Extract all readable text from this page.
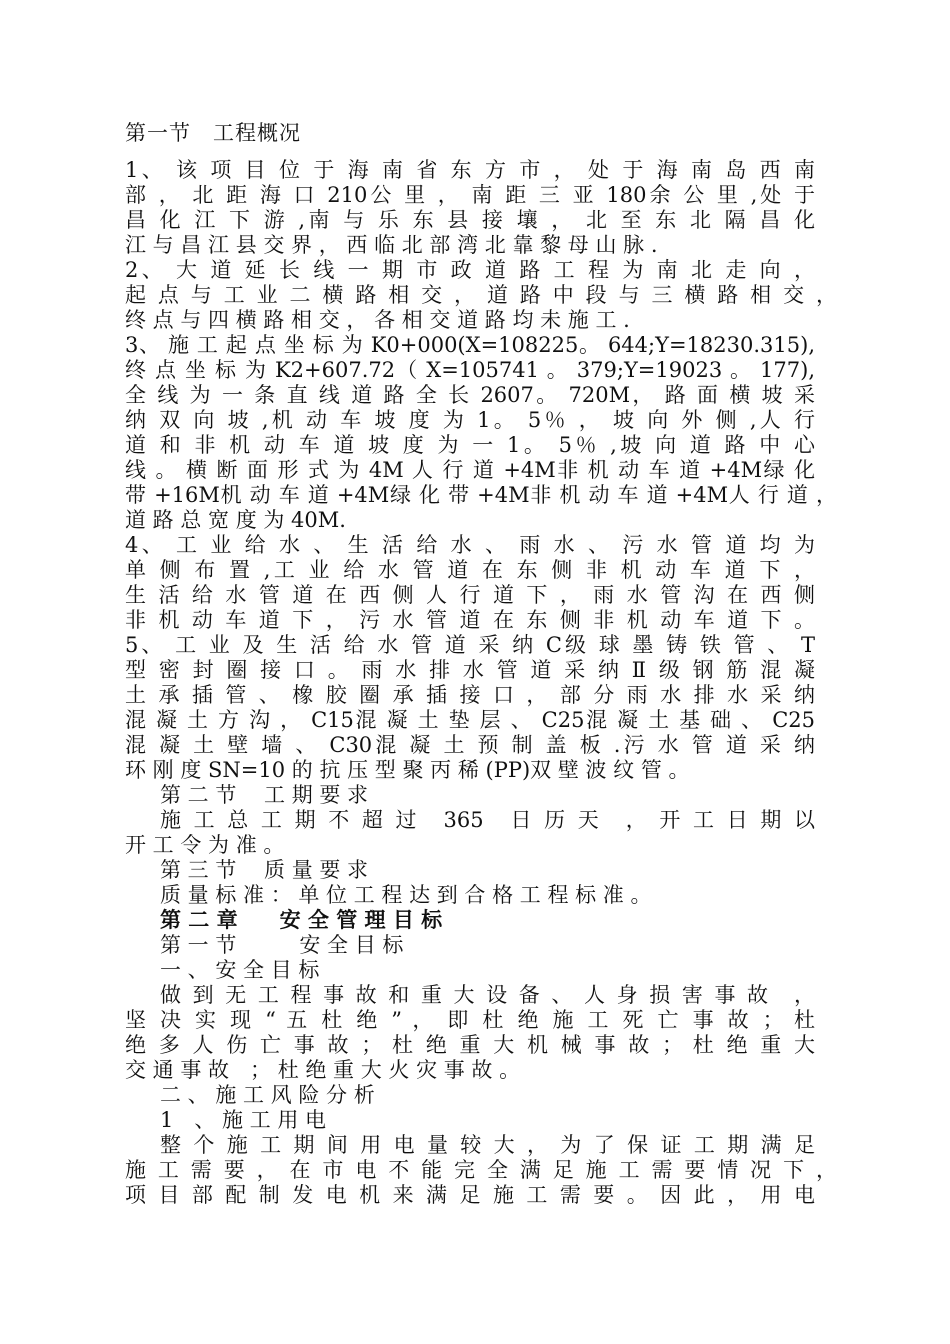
第一节　工程概况
1、 该 项 目 位 于 海 南 省 东 方 市 ， 处 于 海 南 岛 西 南
部 ， 北 距 海 口 210公 里 ， 南 距 三 亚 180余 公 里 ,处 于
昌 化 江 下 游 ,南 与 乐 东 县 接 壤 ， 北 至 东 北 隔 昌 化
江 与 昌 江 县 交 界 ， 西 临 北 部 湾 北 靠 黎 母 山 脉 .
2、 大 道 延 长 线 一 期 市 政 道 路 工 程 为 南 北 走 向 ，
起 点 与 工 业 二 横 路 相 交 ， 道 路 中 段 与 三 横 路 相 交 ，
终 点 与 四 横 路 相 交 ， 各 相 交 道 路 均 未 施 工 .
3、 施 工 起 点 坐 标 为 K0+000(X=108225。 644;Y=18230.315),
终 点 坐 标 为 K2+607.72（ X=105741 。 379;Y=19023 。 177),
全 线 为 一 条 直 线 道 路 全 长 2607。 720M， 路 面 横 坡 采
纳 双 向 坡 ,机 动 车 坡 度 为 1。 5％ ， 坡 向 外 侧 ,人 行
道 和 非 机 动 车 道 坡 度 为 一 1。 5％ ,坡 向 道 路 中 心
线 。 横 断 面 形 式 为 4M 人 行 道 +4M非 机 动 车 道 +4M绿 化
带 +16M机 动 车 道 +4M绿 化 带 +4M非 机 动 车 道 +4M人 行 道 ，
道 路 总 宽 度 为 40M.
4、 工 业 给 水 、 生 活 给 水 、 雨 水 、 污 水 管 道 均 为
单 侧 布 置 ,工 业 给 水 管 道 在 东 侧 非 机 动 车 道 下 ，
生 活 给 水 管 道 在 西 侧 人 行 道 下 ， 雨 水 管 沟 在 西 侧
非 机 动 车 道 下 ， 污 水 管 道 在 东 侧 非 机 动 车 道 下 。
5、 工 业 及 生 活 给 水 管 道 采 纳 C级 球 墨 铸 铁 管 、 T
型 密 封 圈 接 口 。 雨 水 排 水 管 道 采 纳 Ⅱ 级 钢 筋 混 凝
土 承 插 管 、 橡 胶 圈 承 插 接 口 ， 部 分 雨 水 排 水 采 纳
混 凝 土 方 沟 ， C15混 凝 土 垫 层 、 C25混 凝 土 基 础 、 C25
混 凝 土 壁 墙 、 C30混 凝 土 预 制 盖 板 .污 水 管 道 采 纳
环 刚 度 SN=10 的 抗 压 型 聚 丙 稀 (PP)双 壁 波 纹 管 。
第 二 节　 工 期 要 求
施 工 总 工 期 不 超 过　365　日 历 天　， 开 工 日 期 以
开 工 令 为 准 。
第 三 节　 质 量 要 求
质 量 标 准 ： 单 位 工 程 达 到 合 格 工 程 标 准 。
第 二 章　　安 全 管 理 目 标
第 一 节　　　安 全 目 标
一 、 安 全 目 标
做 到 无 工 程 事 故 和 重 大 设 备 、 人 身 损 害 事 故　，
坚 决 实 现 “ 五 杜 绝 ” ， 即 杜 绝 施 工 死 亡 事 故 ； 杜
绝 多 人 伤 亡 事 故 ； 杜 绝 重 大 机 械 事 故 ； 杜 绝 重 大
交 通 事 故　； 杜 绝 重 大 火 灾 事 故 。
二 、 施 工 风 险 分 析
1　、 施 工 用 电
整 个 施 工 期 间 用 电 量 较 大 ， 为 了 保 证 工 期 满 足
施 工 需 要 ， 在 市 电 不 能 完 全 满 足 施 工 需 要 情 况 下 ，
项 目 部 配 制 发 电 机 来 满 足 施 工 需 要 。 因 此 ， 用 电
